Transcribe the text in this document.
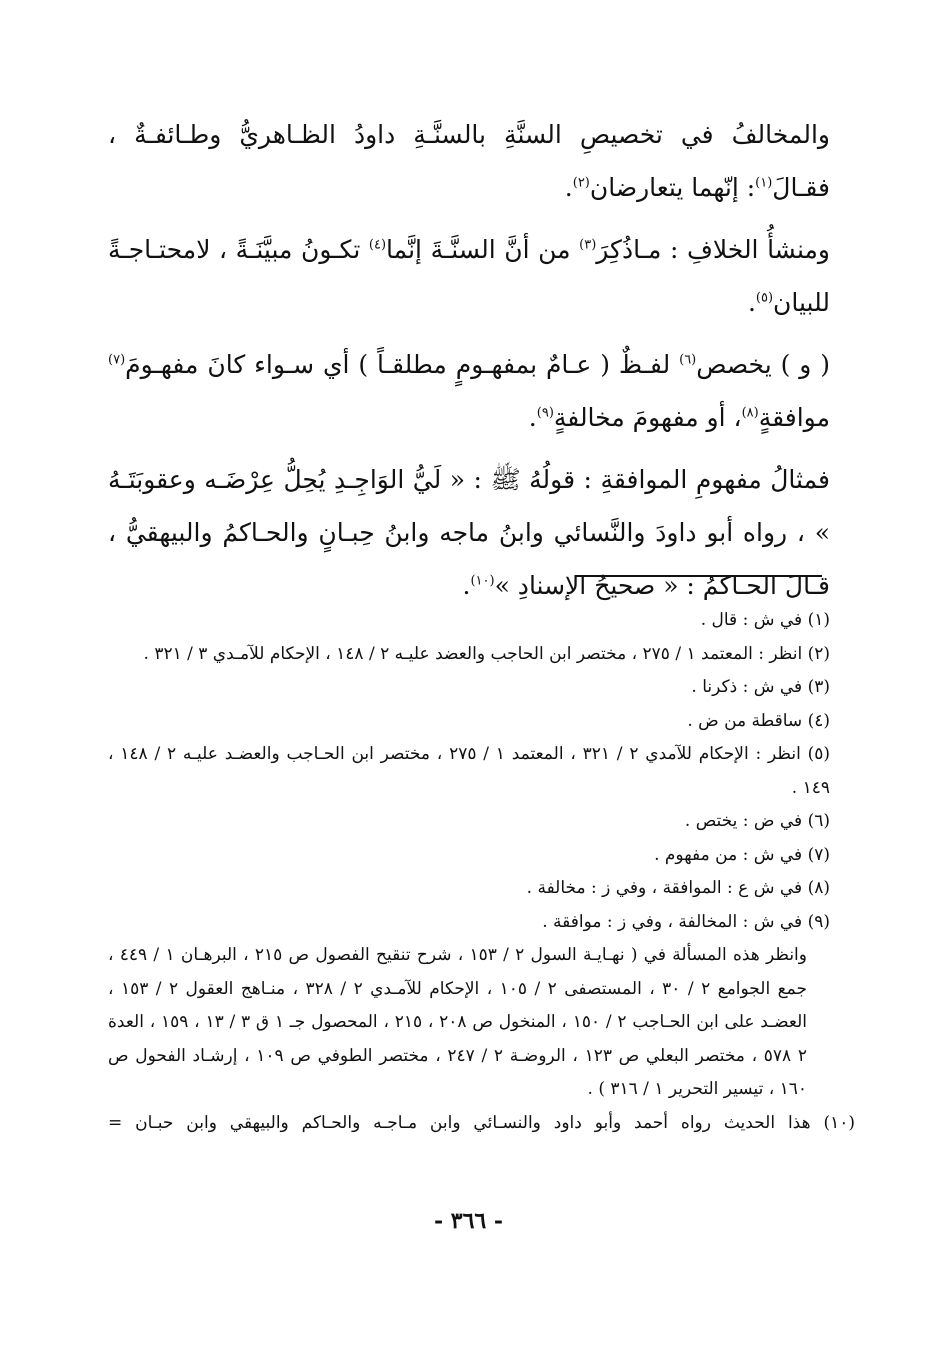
والمخالفُ في تخصيصِ السنَّةِ بالسنَّـةِ داودُ الظـاهريُّ وطـائفـةٌ ، فقـالَ$^{(١)}$: إنّهما يتعارضان$^{(٢)}$.

ومنشأُ الخلافِ : مـاذُكِرَ$^{(٣)}$ من أنَّ السنَّـةَ إنَّما$^{(٤)}$ تكـونُ مبيَّنَـةً ، لامحتـاجـةً للبيان$^{(٥)}$.

( و ) يخصص$^{(٦)}$ لفـظٌ ( عـامٌ بمفهـومٍ مطلقـاً ) أي سـواء كانَ مفهـومَ$^{(٧)}$ موافقةٍ$^{(٨)}$، أو مفهومَ مخالفةٍ$^{(٩)}$.

فمثالُ مفهومِ الموافقةِ : قولُهُ ﷺ : « لَيُّ الوَاجِـدِ يُحِلُّ عِرْضَـه وعقوبَتَـهُ » ، رواه أبو داودَ والنَّسائي وابنُ ماجه وابنُ حِبـانٍ والحـاكمُ والبيهقيُّ ، قـالَ الحـاكمُ : « صحيحُ الإسنادِ »$^{(١٠)}$.

(١) في ش : قال .

(٢) انظر : المعتمد ١ / ٢٧٥ ، مختصر ابن الحاجب والعضد عليـه ٢ / ١٤٨ ، الإحكام للآمـدي ٣ / ٣٢١ .

(٣) في ش : ذكرنا .

(٤) ساقطة من ض .

(٥) انظر : الإحكام للآمدي ٢ / ٣٢١ ، المعتمد ١ / ٢٧٥ ، مختصر ابن الحـاجب والعضـد عليـه ٢ / ١٤٨ ، ١٤٩ .

(٦) في ض : يختص .

(٧) في ش : من مفهوم .

(٨) في ش ع : الموافقة ، وفي ز : مخالفة .

(٩) في ش : المخالفة ، وفي ز : موافقة .

وانظر هذه المسألة في ( نهـايـة السول ٢ / ١٥٣ ، شرح تنقيح الفصول ص ٢١٥ ، البرهـان ١ / ٤٤٩ ، جمع الجوامع ٢ / ٣٠ ، المستصفى ٢ / ١٠٥ ، الإحكام للآمـدي ٢ / ٣٢٨ ، منـاهج العقول ٢ / ١٥٣ ، العضـد على ابن الحـاجب ٢ / ١٥٠ ، المنخول ص ٢٠٨ ، ٢١٥ ، المحصول جـ ١ ق ٣ / ١٣ ، ١٥٩ ، العدة ٢ ٥٧٨ ، مختصر البعلي ص ١٢٣ ، الروضـة ٢ / ٢٤٧ ، مختصر الطوفي ص ١٠٩ ، إرشـاد الفحول ص ١٦٠ ، تيسير التحرير ١ / ٣١٦ ) .

(١٠) هذا الحديث رواه أحمد وأبو داود والنسـائي وابن مـاجـه والحـاكم والبيهقي وابن حبـان =

- ٣٦٦ -
